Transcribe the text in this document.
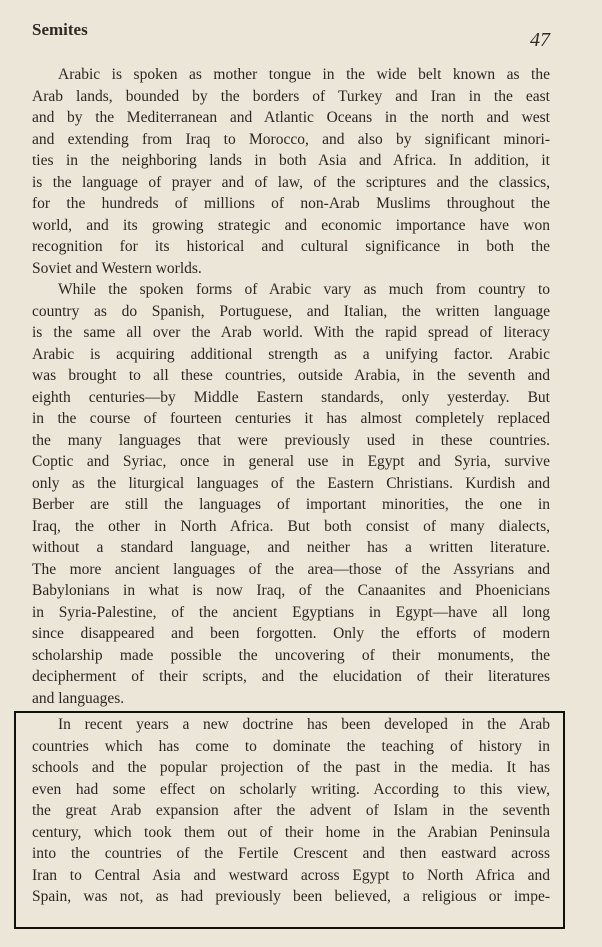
Semites	47
Arabic is spoken as mother tongue in the wide belt known as the
Arab lands, bounded by the borders of Turkey and Iran in the east
and by the Mediterranean and Atlantic Oceans in the north and west
and extending from Iraq to Morocco, and also by significant minori-
ties in the neighboring lands in both Asia and Africa. In addition, it
is the language of prayer and of law, of the scriptures and the classics,
for the hundreds of millions of non-Arab Muslims throughout the
world, and its growing strategic and economic importance have won
recognition for its historical and cultural significance in both the
Soviet and Western worlds.
While the spoken forms of Arabic vary as much from country to
country as do Spanish, Portuguese, and Italian, the written language
is the same all over the Arab world. With the rapid spread of literacy
Arabic is acquiring additional strength as a unifying factor. Arabic
was brought to all these countries, outside Arabia, in the seventh and
eighth centuries—by Middle Eastern standards, only yesterday. But
in the course of fourteen centuries it has almost completely replaced
the many languages that were previously used in these countries.
Coptic and Syriac, once in general use in Egypt and Syria, survive
only as the liturgical languages of the Eastern Christians. Kurdish and
Berber are still the languages of important minorities, the one in
Iraq, the other in North Africa. But both consist of many dialects,
without a standard language, and neither has a written literature.
The more ancient languages of the area—those of the Assyrians and
Babylonians in what is now Iraq, of the Canaanites and Phoenicians
in Syria-Palestine, of the ancient Egyptians in Egypt—have all long
since disappeared and been forgotten. Only the efforts of modern
scholarship made possible the uncovering of their monuments, the
decipherment of their scripts, and the elucidation of their literatures
and languages.
In recent years a new doctrine has been developed in the Arab
countries which has come to dominate the teaching of history in
schools and the popular projection of the past in the media. It has
even had some effect on scholarly writing. According to this view,
the great Arab expansion after the advent of Islam in the seventh
century, which took them out of their home in the Arabian Peninsula
into the countries of the Fertile Crescent and then eastward across
Iran to Central Asia and westward across Egypt to North Africa and
Spain, was not, as had previously been believed, a religious or impe-
